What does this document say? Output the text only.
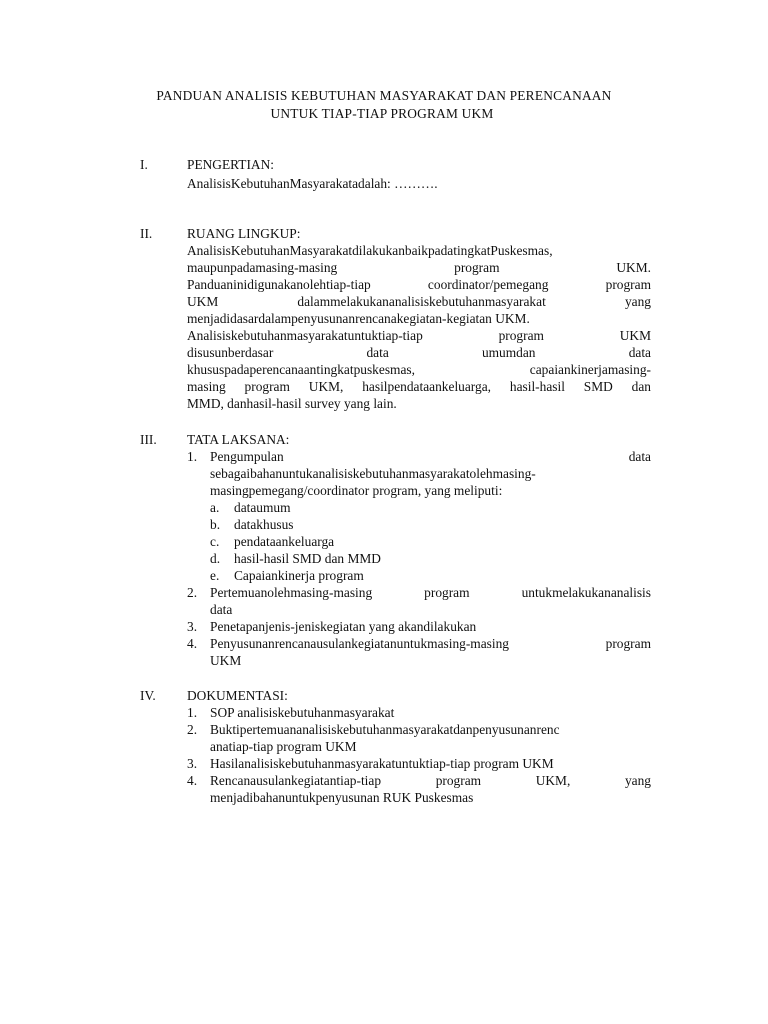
PANDUAN ANALISIS KEBUTUHAN MASYARAKAT DAN PERENCANAAN
UNTUK TIAP-TIAP PROGRAM UKM
I.	PENGERTIAN:
AnalisisKebutuhanMasyarakatadalah: ……….
II.	RUANG LINGKUP:
AnalisisKebutuhanMasyarakatdilakukanbaikpadatingkatPuskesmas,
maupunpadamasing-masing program UKM.
Panduaninidigunakanolehtiap-tiap coordinator/pemegang program
UKM dalammelakukananalisiskebutuhanmasyarakat yang
menjadidasardalampenyusunanrencanakegiatan-kegiatan UKM.
Analisiskebutuhanmasyarakatuntuktiap-tiap program UKM
disusunberdasar data umumdan data
khususpadaperencanaantingkatpuskesmas, capaiankinerjamasing-
masing program UKM, hasilpendataankeluarga, hasil-hasil SMD dan
MMD, danhasil-hasil survey yang lain.
III. TATA LAKSANA:
1. Pengumpulan data
sebagaibahanuntukanalisiskebutuhanmasyarakatolehmasing-
masingpemegang/coordinator program, yang meliputi:
a. dataumum
b. datakhusus
c. pendataankeluarga
d. hasil-hasil SMD dan MMD
e. Capaiankinerja program
2. Pertemuanolehmasing-masing program untukmelakukananalisis
data
3. Penetapanjenis-jeniskegiatan yang akandilakukan
4. Penyusunanrencanausulankegiatanuntukmasing-masing program
UKM
IV. DOKUMENTASI:
1. SOP analisiskebutuhanmasyarakat
2. Buktipertemuananalisiskebutuhanmasyarakatdanpenyusunanrenc
anatiap-tiap program UKM
3. Hasilanalisiskebutuhanmasyarakatuntuktiap-tiap program UKM
4. Rencanausulankegiatantiap-tiap program UKM, yang
menjadibahanuntukpenyusunan RUK Puskesmas
